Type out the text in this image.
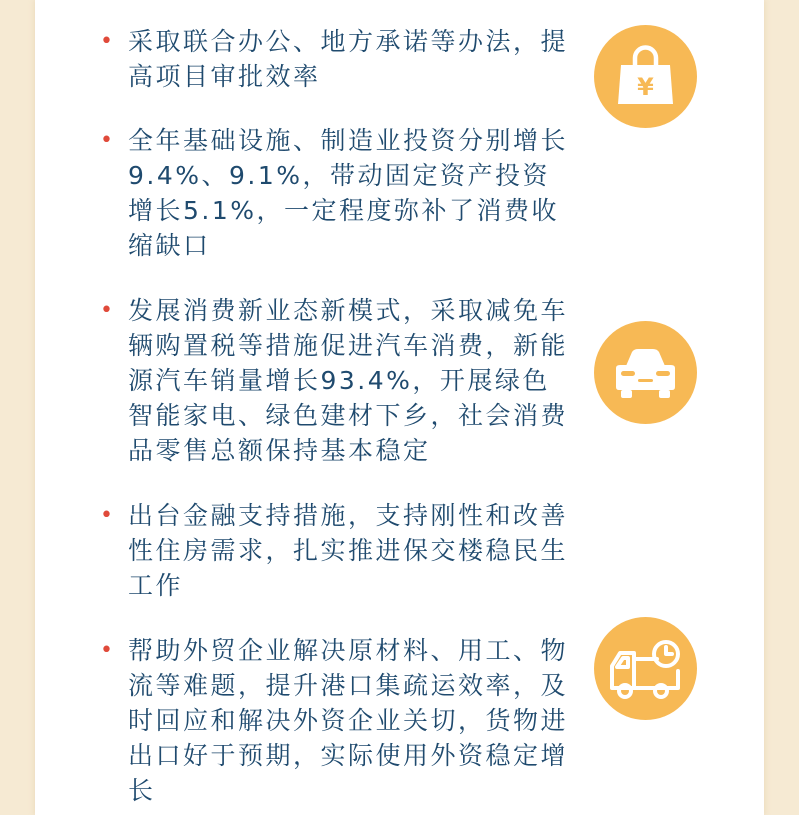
• 采取联合办公、地方承诺等办法，提高项目审批效率
• 全年基础设施、制造业投资分别增长9.4%、9.1%，带动固定资产投资增长5.1%，一定程度弥补了消费收缩缺口
• 发展消费新业态新模式，采取减免车辆购置税等措施促进汽车消费，新能源汽车销量增长93.4%，开展绿色智能家电、绿色建材下乡，社会消费品零售总额保持基本稳定
• 出台金融支持措施，支持刚性和改善性住房需求，扎实推进保交楼稳民生工作
• 帮助外贸企业解决原材料、用工、物流等难题，提升港口集疏运效率，及时回应和解决外资企业关切，货物进出口好于预期，实际使用外资稳定增长
¥
